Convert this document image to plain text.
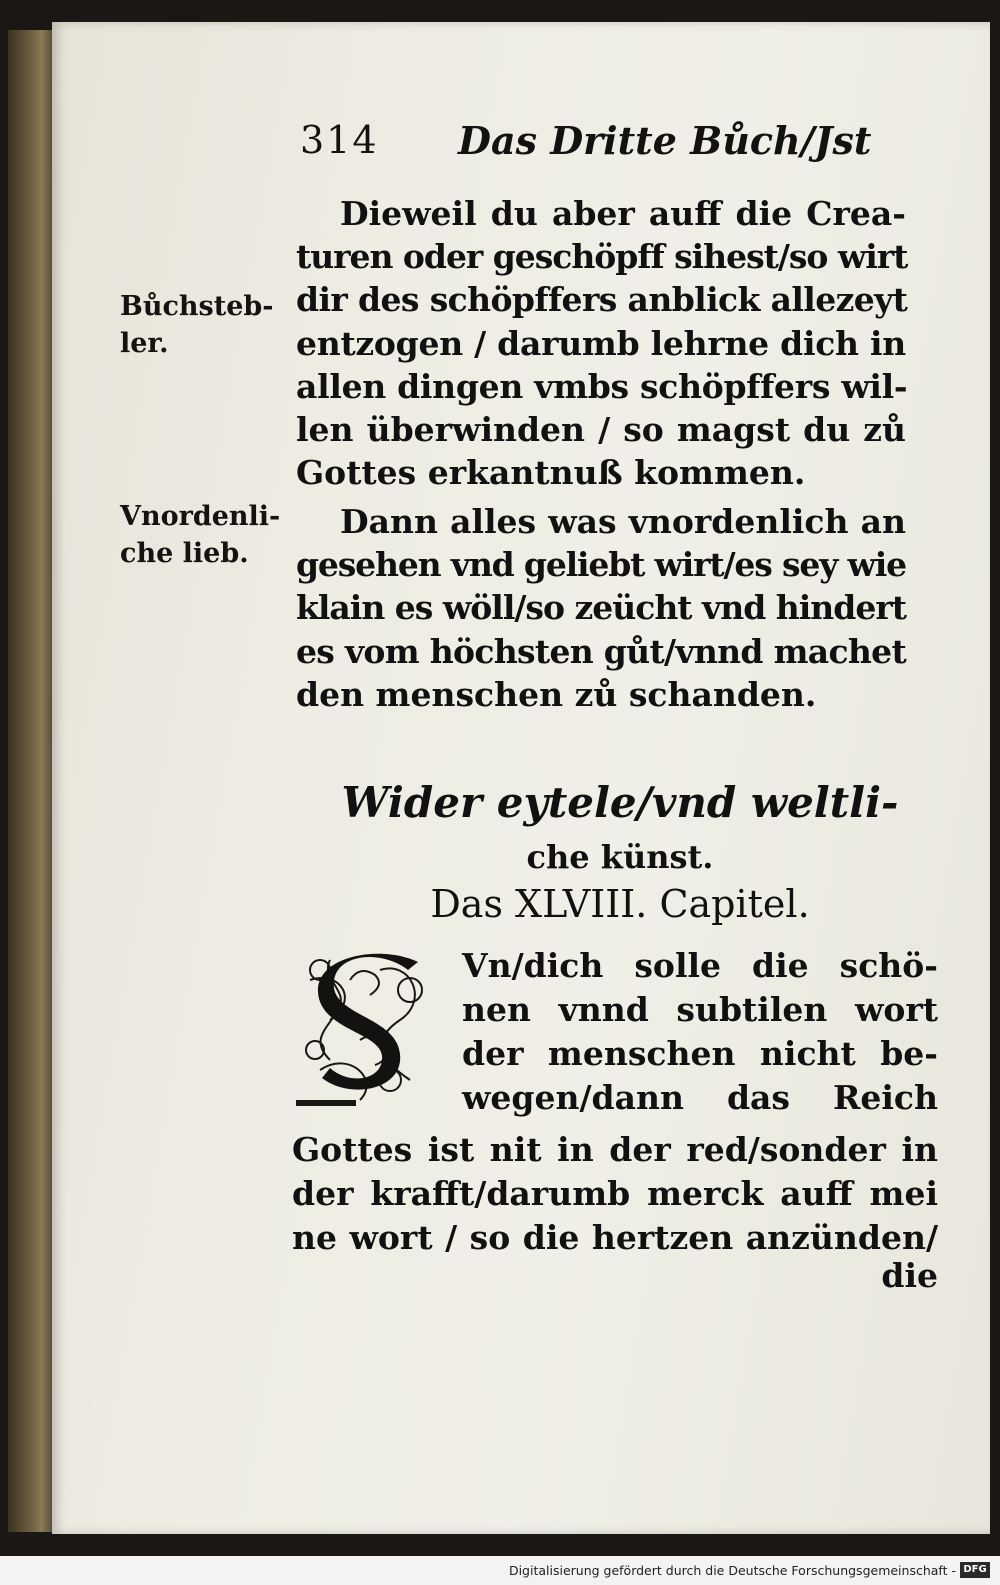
314 Das Dritte Bůch/Jst
Dieweil du aber auff die Crea-
turen oder geschöpff sihest/so wirt
dir des schöpffers anblick allezeyt
entzogen / darumb lehrne dich in
allen dingen vmbs schöpffers wil-
len überwinden / so magst du zů
Gottes erkantnuß kommen.
Dann alles was vnordenlich an
gesehen vnd geliebt wirt/es sey wie
klain es wöll/so zeücht vnd hindert
es vom höchsten gůt/vnnd machet
den menschen zů schanden.
Bůchsteb-
ler.
Vnordenli-
che lieb.
Wider eytele/vnd weltli-
che künst.
Das XLVIII. Capitel.
Vn/dich solle die schö-
nen vnnd subtilen wort
der menschen nicht be-
wegen/dann das Reich
Gottes ist nit in der red/sonder in
der krafft/darumb merck auff mei
ne wort / so die hertzen anzünden/
die
Digitalisierung gefördert durch die Deutsche Forschungsgemeinschaft - DFG
